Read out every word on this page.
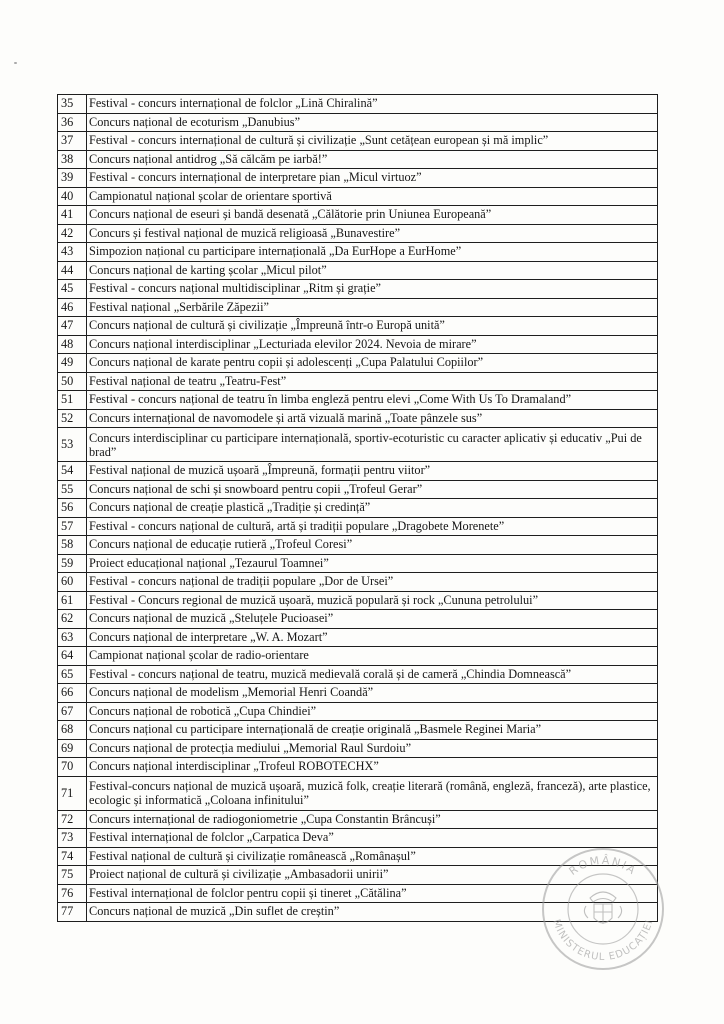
35	Festival - concurs internațional de folclor „Lină Chiralină”
36	Concurs național de ecoturism „Danubius”
37	Festival - concurs internațional de cultură și civilizație „Sunt cetățean european și mă implic”
38	Concurs național antidrog „Să călcăm pe iarbă!”
39	Festival - concurs internațional de interpretare pian „Micul virtuoz”
40	Campionatul național școlar de orientare sportivă
41	Concurs național de eseuri și bandă desenată „Călătorie prin Uniunea Europeană”
42	Concurs și festival național de muzică religioasă „Bunavestire”
43	Simpozion național cu participare internațională „Da EurHope a EurHome”
44	Concurs național de karting școlar „Micul pilot”
45	Festival - concurs național multidisciplinar „Ritm și grație”
46	Festival național „Serbările Zăpezii”
47	Concurs național de cultură și civilizație „Împreună într-o Europă unită”
48	Concurs național interdisciplinar „Lecturiada elevilor 2024. Nevoia de mirare”
49	Concurs național de karate pentru copii și adolescenți „Cupa Palatului Copiilor”
50	Festival național de teatru „Teatru-Fest”
51	Festival - concurs național de teatru în limba engleză pentru elevi „Come With Us To Dramaland”
52	Concurs internațional de navomodele și artă vizuală marină „Toate pânzele sus”
53	Concurs interdisciplinar cu participare internațională, sportiv-ecoturistic cu caracter aplicativ și educativ „Pui de brad”
54	Festival național de muzică ușoară „Împreună, formații pentru viitor”
55	Concurs național de schi și snowboard pentru copii „Trofeul Gerar”
56	Concurs național de creație plastică „Tradiție și credință”
57	Festival - concurs național de cultură, artă și tradiții populare „Dragobete Morenete”
58	Concurs național de educație rutieră „Trofeul Coresi”
59	Proiect educațional național „Tezaurul Toamnei”
60	Festival - concurs național de tradiții populare „Dor de Ursei”
61	Festival - Concurs regional de muzică ușoară, muzică populară și rock „Cununa petrolului”
62	Concurs național de muzică „Steluțele Pucioasei”
63	Concurs național de interpretare „W. A. Mozart”
64	Campionat național școlar de radio-orientare
65	Festival - concurs național de teatru, muzică medievală corală și de cameră „Chindia Domnească”
66	Concurs național de modelism „Memorial Henri Coandă”
67	Concurs național de robotică „Cupa Chindiei”
68	Concurs național cu participare internațională de creație originală „Basmele Reginei Maria”
69	Concurs național de protecția mediului „Memorial Raul Surdoiu”
70	Concurs național interdisciplinar „Trofeul ROBOTECHX”
71	Festival-concurs național de muzică ușoară, muzică folk, creație literară (română, engleză, franceză), arte plastice, ecologic și informatică „Coloana infinitului”
72	Concurs internațional de radiogoniometrie „Cupa Constantin Brâncuși”
73	Festival internațional de folclor „Carpatica Deva”
74	Festival național de cultură și civilizație românească „Românașul”
75	Proiect național de cultură și civilizație „Ambasadorii unirii”
76	Festival internațional de folclor pentru copii și tineret „Cătălina”
77	Concurs național de muzică „Din suflet de creștin”
ROMÂNIA
MINISTERUL EDUCAȚIEI
